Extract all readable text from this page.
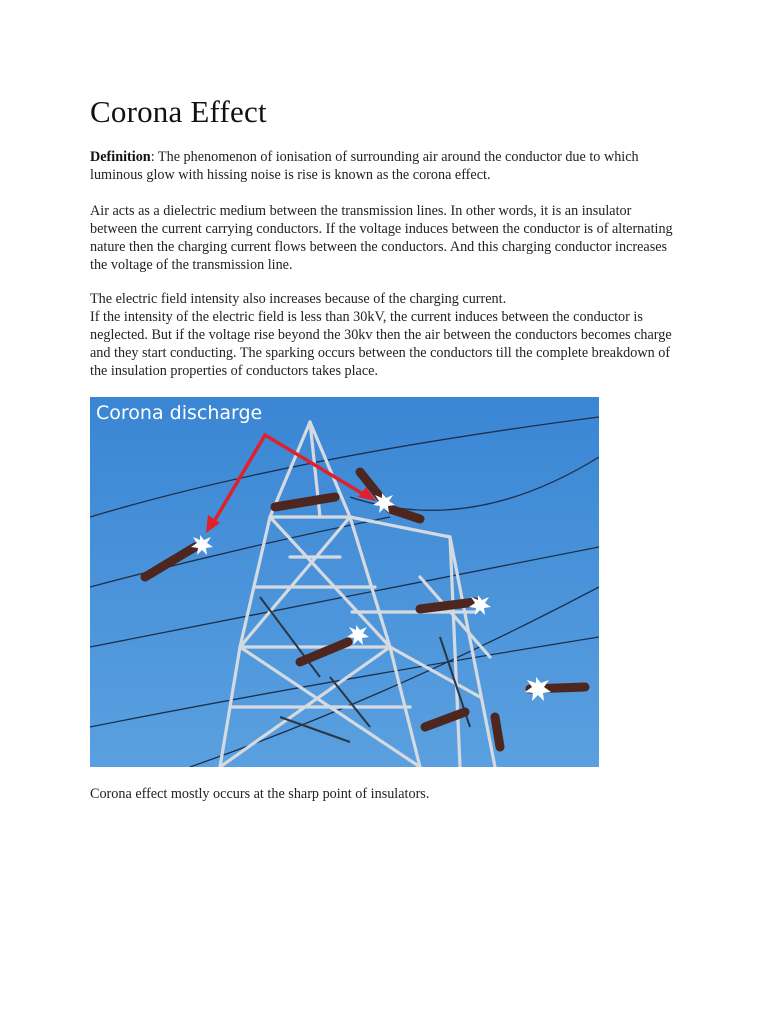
Corona Effect

Definition: The phenomenon of ionisation of surrounding air around the conductor due to which luminous glow with hissing noise is rise is known as the corona effect.

Air acts as a dielectric medium between the transmission lines. In other words, it is an insulator between the current carrying conductors. If the voltage induces between the conductor is of alternating nature then the charging current flows between the conductors. And this charging conductor increases the voltage of the transmission line.

The electric field intensity also increases because of the charging current.
If the intensity of the electric field is less than 30kV, the current induces between the conductor is neglected. But if the voltage rise beyond the 30kv then the air between the conductors becomes charge and they start conducting. The sparking occurs between the conductors till the complete breakdown of the insulation properties of conductors takes place.

Corona discharge

Corona effect mostly occurs at the sharp point of insulators.
